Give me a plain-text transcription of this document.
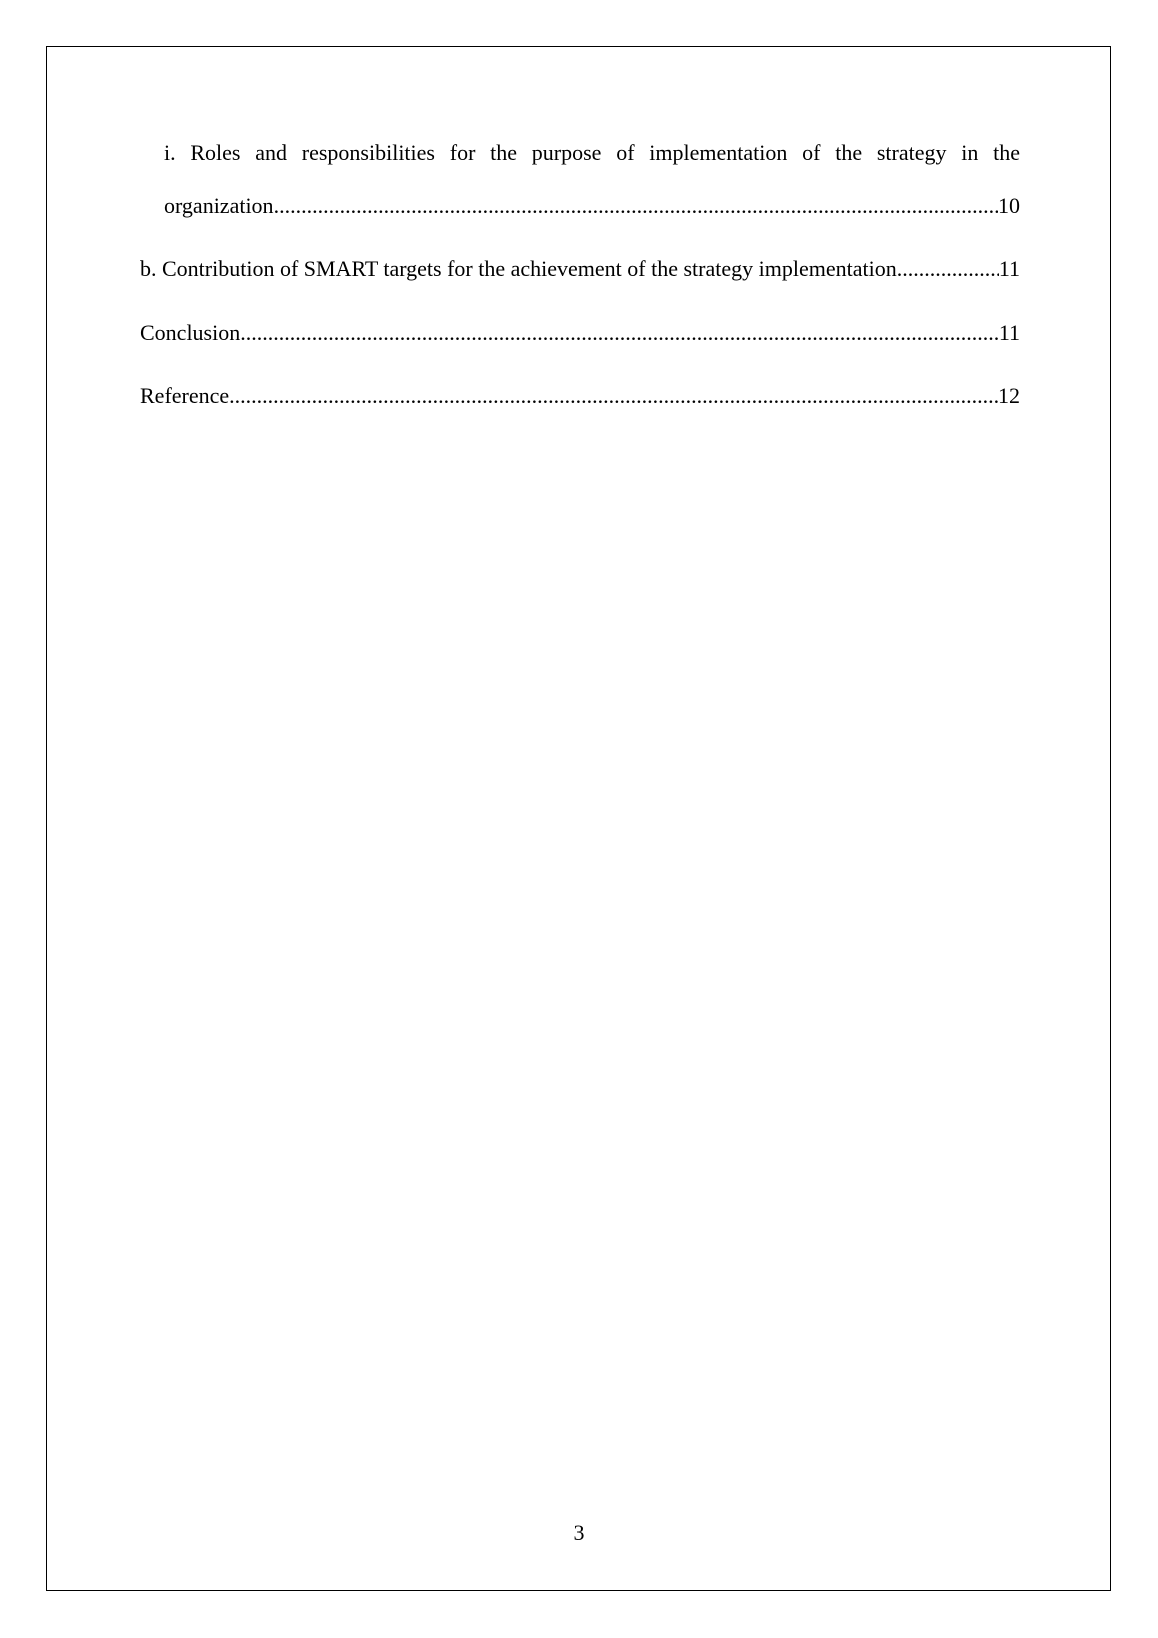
i. Roles and responsibilities for the purpose of implementation of the strategy in the
organization .....	10
b. Contribution of SMART targets for the achievement of the strategy implementation .....	11
Conclusion .....	11
Reference .....	12
3
